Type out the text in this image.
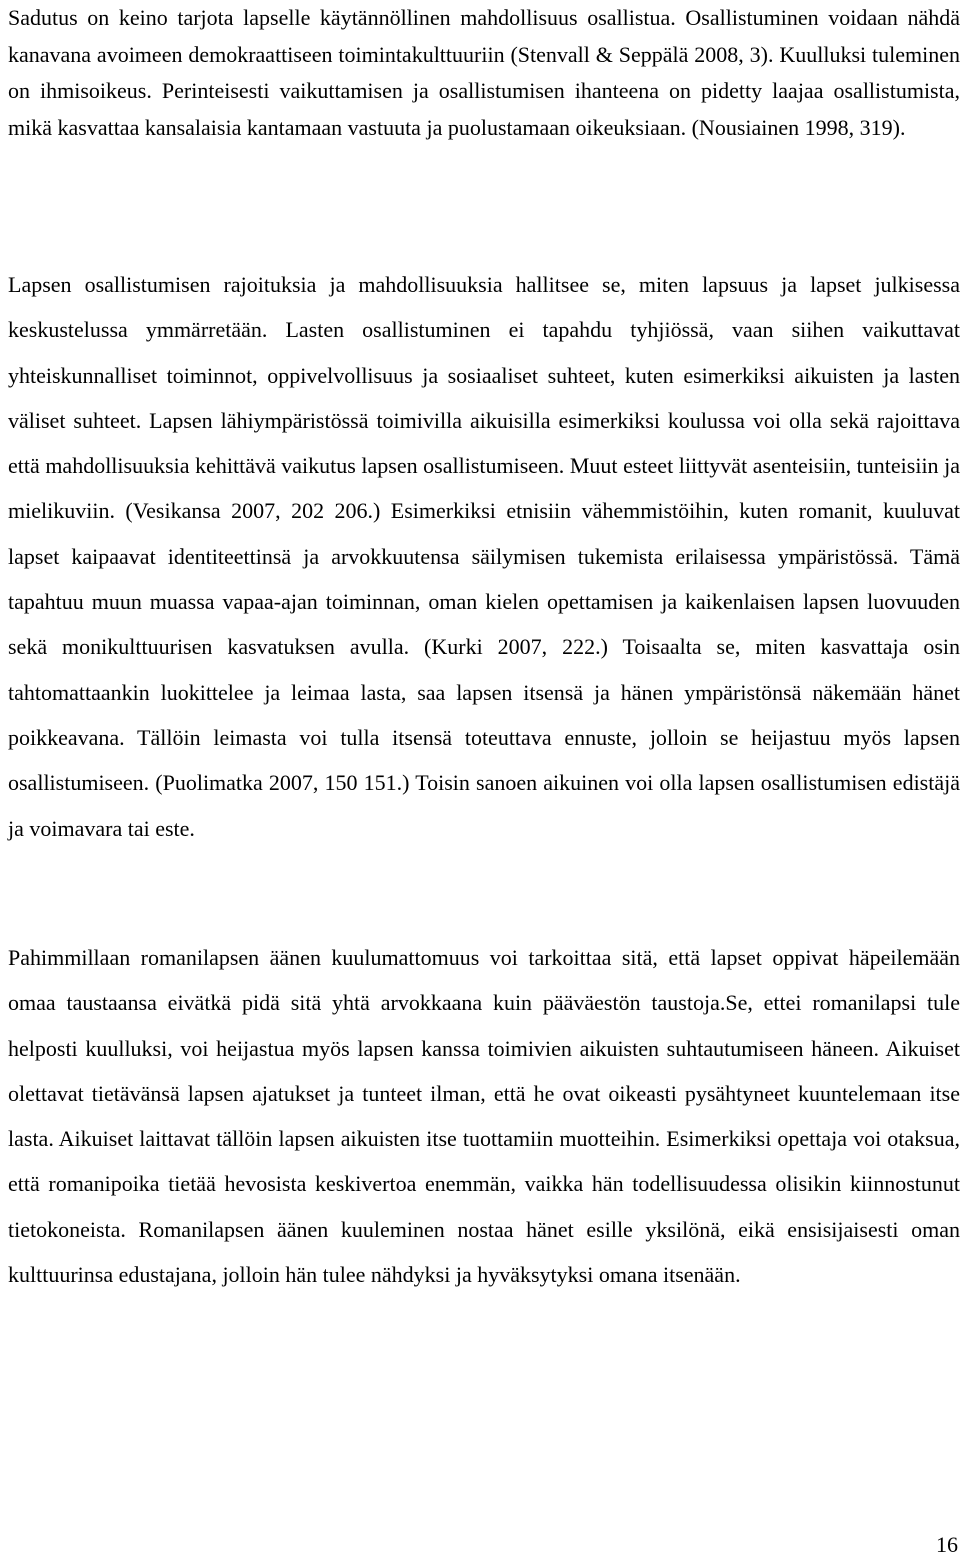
Sadutus on keino tarjota lapselle käytännöllinen mahdollisuus osallistua. Osallistuminen voidaan nähdä kanavana avoimeen demokraattiseen toimintakulttuuriin (Stenvall & Seppälä 2008, 3). Kuulluksi tuleminen on ihmisoikeus. Perinteisesti vaikuttamisen ja osallistumisen ihanteena on pidetty laajaa osallistumista, mikä kasvattaa kansalaisia kantamaan vastuuta ja puolustamaan oikeuksiaan. (Nousiainen 1998, 319).

Lapsen osallistumisen rajoituksia ja mahdollisuuksia hallitsee se, miten lapsuus ja lapset julkisessa keskustelussa ymmärretään. Lasten osallistuminen ei tapahdu tyhjiössä, vaan siihen vaikuttavat yhteiskunnalliset toiminnot, oppivelvollisuus ja sosiaaliset suhteet, kuten esimerkiksi aikuisten ja lasten väliset suhteet. Lapsen lähiympäristössä toimivilla aikuisilla esimerkiksi koulussa voi olla sekä rajoittava että mahdollisuuksia kehittävä vaikutus lapsen osallistumiseen. Muut esteet liittyvät asenteisiin, tunteisiin ja mielikuviin. (Vesikansa 2007, 202 206.) Esimerkiksi etnisiin vähemmistöihin, kuten romanit, kuuluvat lapset kaipaavat identiteettinsä ja arvokkuutensa säilymisen tukemista erilaisessa ympäristössä. Tämä tapahtuu muun muassa vapaa-ajan toiminnan, oman kielen opettamisen ja kaikenlaisen lapsen luovuuden sekä monikulttuurisen kasvatuksen avulla. (Kurki 2007, 222.) Toisaalta se, miten kasvattaja osin tahtomattaankin luokittelee ja leimaa lasta, saa lapsen itsensä ja hänen ympäristönsä näkemään hänet poikkeavana. Tällöin leimasta voi tulla itsensä toteuttava ennuste, jolloin se heijastuu myös lapsen osallistumiseen. (Puolimatka 2007, 150 151.) Toisin sanoen aikuinen voi olla lapsen osallistumisen edistäjä ja voimavara tai este.

Pahimmillaan romanilapsen äänen kuulumattomuus voi tarkoittaa sitä, että lapset oppivat häpeilemään omaa taustaansa eivätkä pidä sitä yhtä arvokkaana kuin pääväestön taustoja.Se, ettei romanilapsi tule helposti kuulluksi, voi heijastua myös lapsen kanssa toimivien aikuisten suhtautumiseen häneen. Aikuiset olettavat tietävänsä lapsen ajatukset ja tunteet ilman, että he ovat oikeasti pysähtyneet kuuntelemaan itse lasta. Aikuiset laittavat tällöin lapsen aikuisten itse tuottamiin muotteihin. Esimerkiksi opettaja voi otaksua, että romanipoika tietää hevosista keskivertoa enemmän, vaikka hän todellisuudessa olisikin kiinnostunut tietokoneista. Romanilapsen äänen kuuleminen nostaa hänet esille yksilönä, eikä ensisijaisesti oman kulttuurinsa edustajana, jolloin hän tulee nähdyksi ja hyväksytyksi omana itsenään.

16
